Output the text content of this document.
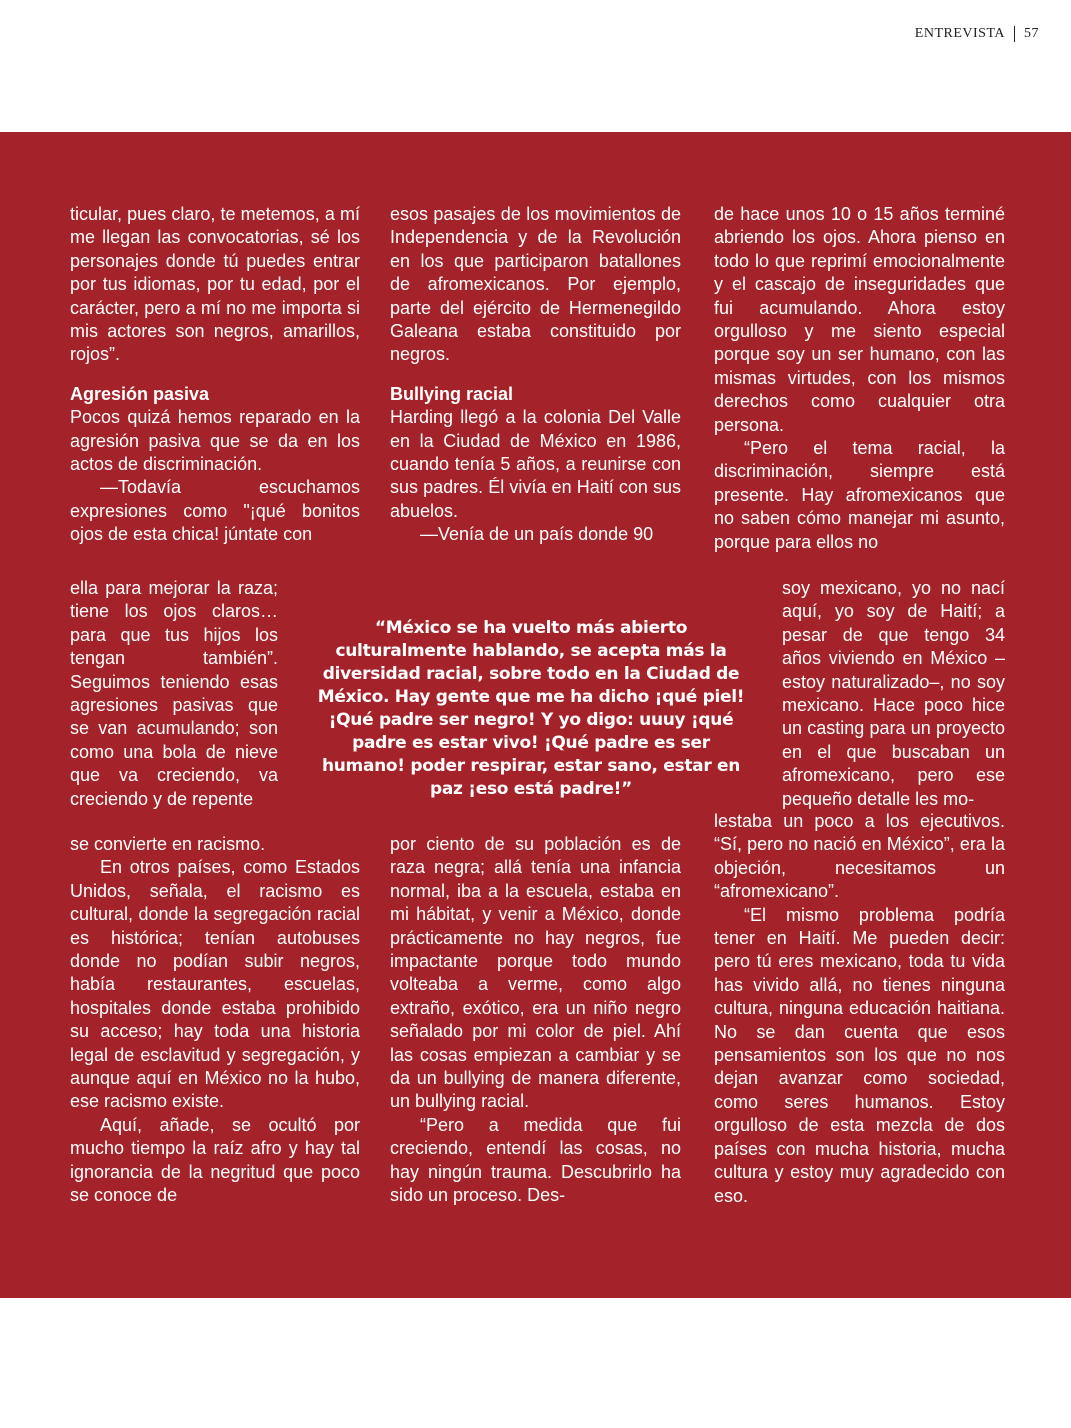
ENTREVISTA 57

ticular, pues claro, te metemos, a mí me llegan las convocatorias, sé los personajes donde tú puedes entrar por tus idiomas, por tu edad, por el carácter, pero a mí no me importa si mis actores son negros, amarillos, rojos”.

Agresión pasiva

Pocos quizá hemos reparado en la agresión pasiva que se da en los actos de discriminación.

—Todavía escuchamos expresiones como "¡qué bonitos ojos de esta chica! júntate con

ella para mejorar la raza; tiene los ojos claros… para que tus hijos los tengan también”. Seguimos teniendo esas agresiones pasivas que se van acumulando; son como una bola de nieve que va creciendo, va creciendo y de repente

se convierte en racismo.

En otros países, como Estados Unidos, señala, el racismo es cultural, donde la segregación racial es histórica; tenían autobuses donde no podían subir negros, había restaurantes, escuelas, hospitales donde estaba prohibido su acceso; hay toda una historia legal de esclavitud y segregación, y aunque aquí en México no la hubo, ese racismo existe.

Aquí, añade, se ocultó por mucho tiempo la raíz afro y hay tal ignorancia de la negritud que poco se conoce de

esos pasajes de los movimientos de Independencia y de la Revolución en los que participaron batallones de afromexicanos. Por ejemplo, parte del ejército de Hermenegildo Galeana estaba constituido por negros.

Bullying racial

Harding llegó a la colonia Del Valle en la Ciudad de México en 1986, cuando tenía 5 años, a reunirse con sus padres. Él vivía en Haití con sus abuelos.

—Venía de un país donde 90

por ciento de su población es de raza negra; allá tenía una infancia normal, iba a la escuela, estaba en mi hábitat, y venir a México, donde prácticamente no hay negros, fue impactante porque todo mundo volteaba a verme, como algo extraño, exótico, era un niño negro señalado por mi color de piel. Ahí las cosas empiezan a cambiar y se da un bullying de manera diferente, un bullying racial.

“Pero a medida que fui creciendo, entendí las cosas, no hay ningún trauma. Descubrirlo ha sido un proceso. Des-

de hace unos 10 o 15 años terminé abriendo los ojos. Ahora pienso en todo lo que reprimí emocionalmente y el cascajo de inseguridades que fui acumulando. Ahora estoy orgulloso y me siento especial porque soy un ser humano, con las mismas virtudes, con los mismos derechos como cualquier otra persona.

“Pero el tema racial, la discriminación, siempre está presente. Hay afromexicanos que no saben cómo manejar mi asunto, porque para ellos no

soy mexicano, yo no nací aquí, yo soy de Haití; a pesar de que tengo 34 años viviendo en México –estoy naturalizado–, no soy mexicano. Hace poco hice un casting para un proyecto en el que buscaban un afromexicano, pero ese pequeño detalle les mo-

lestaba un poco a los ejecutivos. “Sí, pero no nació en México”, era la objeción, necesitamos un “afromexicano”.

“El mismo problema podría tener en Haití. Me pueden decir: pero tú eres mexicano, toda tu vida has vivido allá, no tienes ninguna cultura, ninguna educación haitiana. No se dan cuenta que esos pensamientos son los que no nos dejan avanzar como sociedad, como seres humanos. Estoy orgulloso de esta mezcla de dos países con mucha historia, mucha cultura y estoy muy agradecido con eso.

“México se ha vuelto más abierto culturalmente hablando, se acepta más la diversidad racial, sobre todo en la Ciudad de México. Hay gente que me ha dicho ¡qué piel! ¡Qué padre ser negro! Y yo digo: uuuy ¡qué padre es estar vivo! ¡Qué padre es ser humano! poder respirar, estar sano, estar en paz ¡eso está padre!”
